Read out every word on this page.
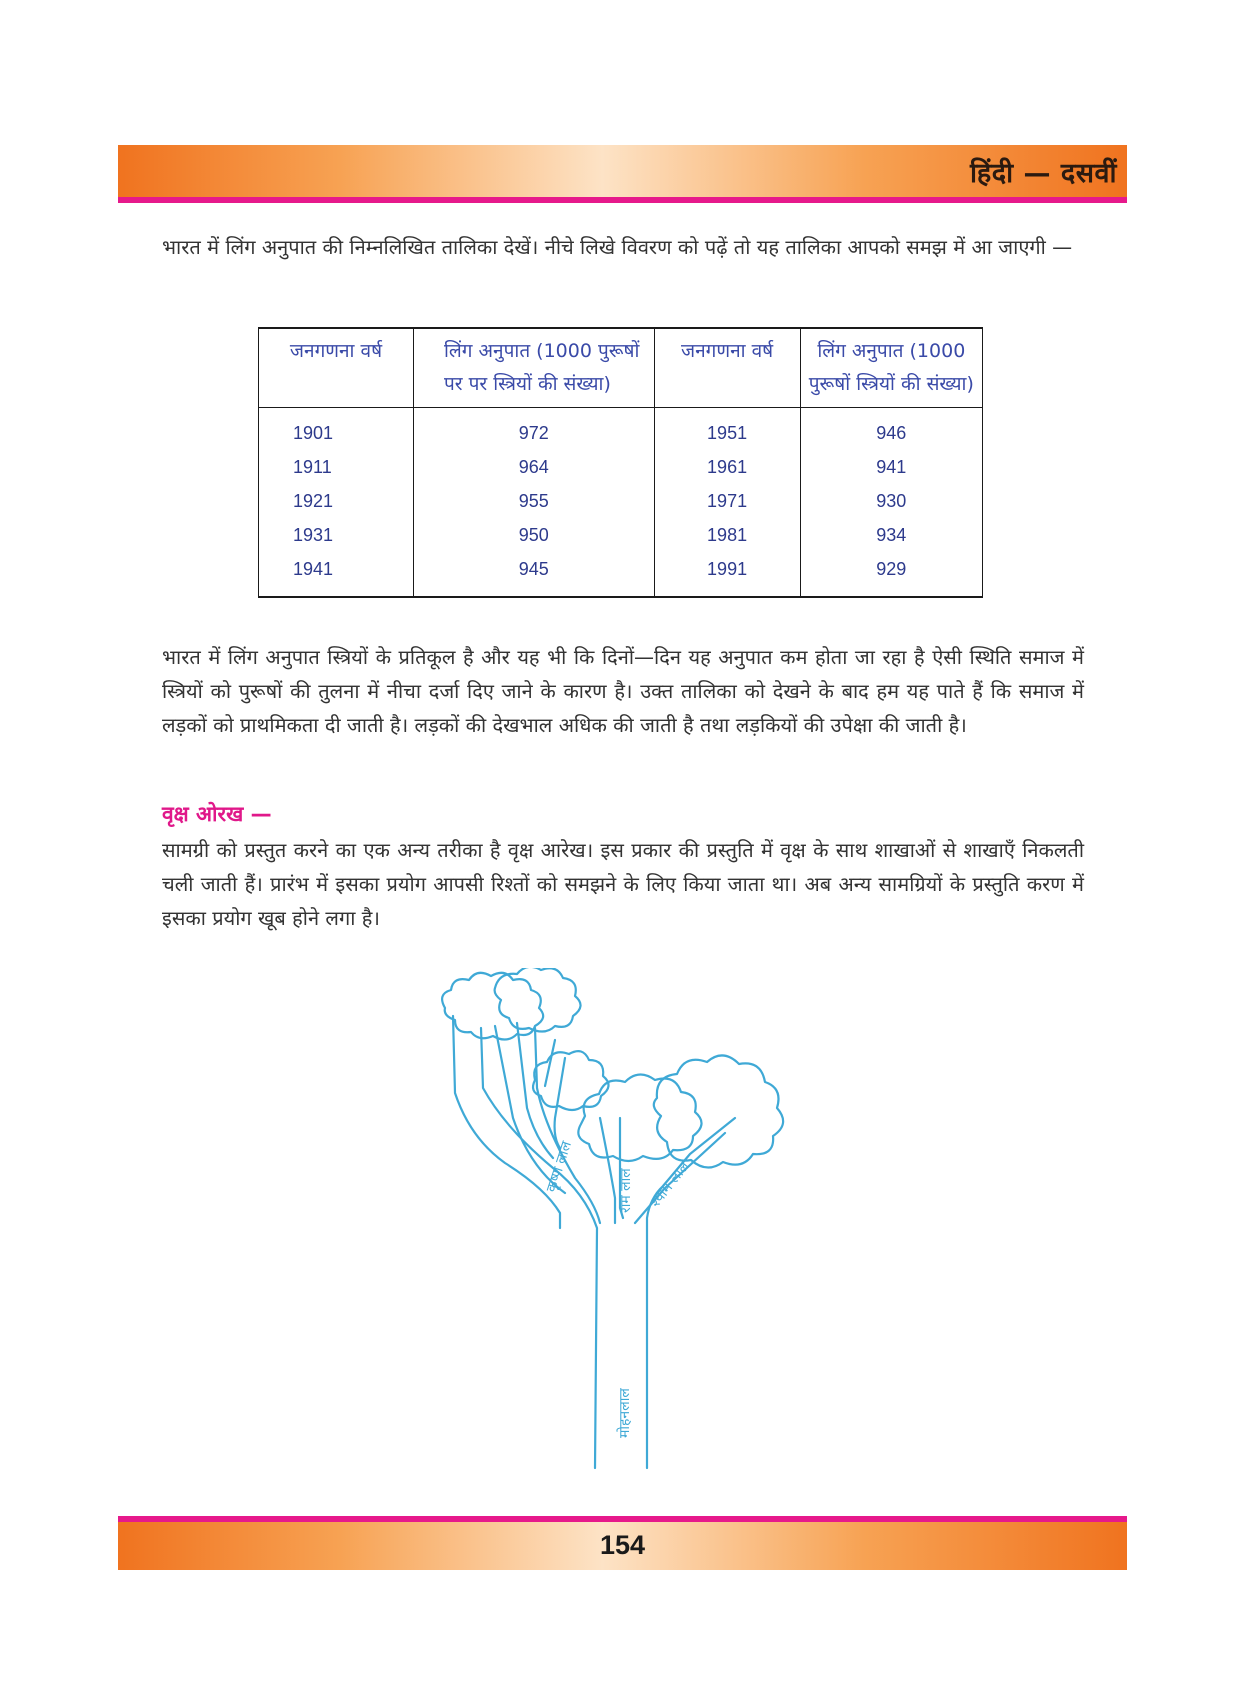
हिंदी — दसवीं

भारत में लिंग अनुपात की निम्नलिखित तालिका देखें। नीचे लिखे विवरण को पढ़ें तो यह तालिका आपको समझ में आ जाएगी —

जनगणना वर्ष	लिंग अनुपात (1000 पुरूषों पर पर स्त्रियों की संख्या)	जनगणना वर्ष	लिंग अनुपात (1000 पुरूषों स्त्रियों की संख्या)
1901	972	1951	946
1911	964	1961	941
1921	955	1971	930
1931	950	1981	934
1941	945	1991	929

भारत में लिंग अनुपात स्त्रियों के प्रतिकूल है और यह भी कि दिनों—दिन यह अनुपात कम होता जा रहा है ऐसी स्थिति समाज में स्त्रियों को पुरूषों की तुलना में नीचा दर्जा दिए जाने के कारण है। उक्त तालिका को देखने के बाद हम यह पाते हैं कि समाज में लड़कों को प्राथमिकता दी जाती है। लड़कों की देखभाल अधिक की जाती है तथा लड़कियों की उपेक्षा की जाती है।

वृक्ष ओरख —

सामग्री को प्रस्तुत करने का एक अन्य तरीका है वृक्ष आरेख। इस प्रकार की प्रस्तुति में वृक्ष के साथ शाखाओं से शाखाएँ निकलती चली जाती हैं। प्रारंभ में इसका प्रयोग आपसी रिश्तों को समझने के लिए किया जाता था। अब अन्य सामग्रियों के प्रस्तुति करण में इसका प्रयोग खूब होने लगा है।

मोहनलाल
राम लाल श्याम लाल
कृष्ण लाल
154
